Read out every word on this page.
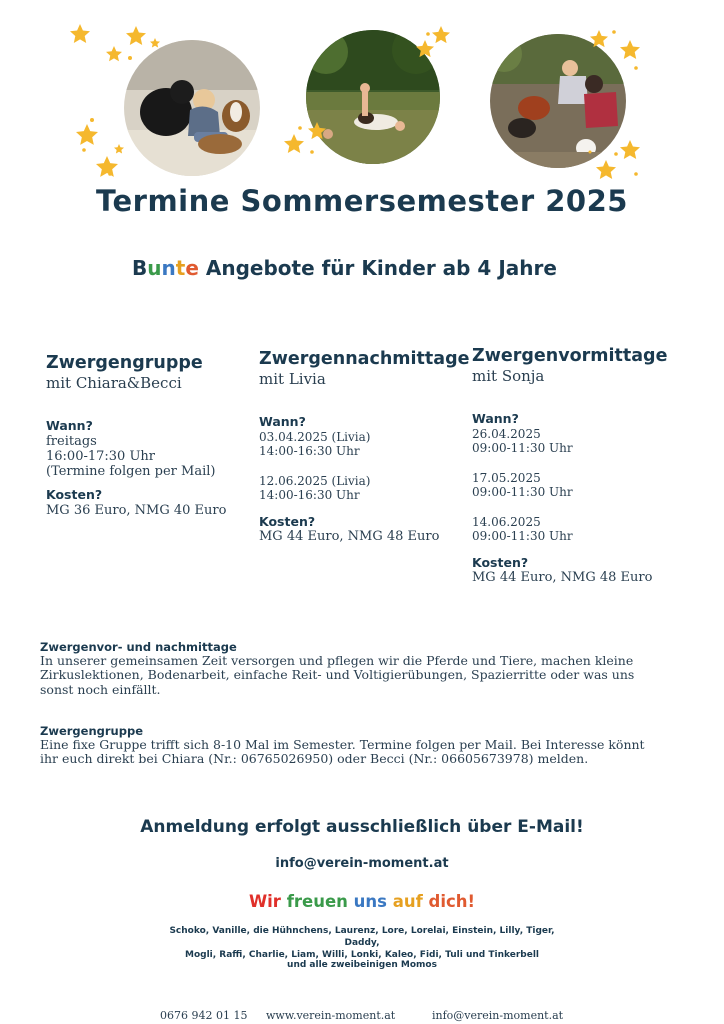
Termine Sommersemester 2025
Bunte Angebote für Kinder ab 4 Jahre
Zwergengruppe
mit Chiara&Becci
Wann?
freitags
16:00-17:30 Uhr
(Termine folgen per Mail)
Kosten?
MG 36 Euro, NMG 40 Euro
Zwergennachmittage
mit Livia
Wann?
03.04.2025 (Livia)
14:00-16:30 Uhr
12.06.2025 (Livia)
14:00-16:30 Uhr
Kosten?
MG 44 Euro, NMG 48 Euro
Zwergenvormittage
mit Sonja
Wann?
26.04.2025
09:00-11:30 Uhr
17.05.2025
09:00-11:30 Uhr
14.06.2025
09:00-11:30 Uhr
Kosten?
MG 44 Euro, NMG 48 Euro
Zwergenvor- und nachmittage

In unserer gemeinsamen Zeit versorgen und pflegen wir die Pferde und Tiere, machen kleine

Zirkuslektionen, Bodenarbeit, einfache Reit- und Voltigierübungen, Spazierritte oder was uns

sonst noch einfällt.

Zwergengruppe

Eine fixe Gruppe trifft sich 8-10 Mal im Semester. Termine folgen per Mail. Bei Interesse könnt

ihr euch direkt bei Chiara (Nr.: 06765026950) oder Becci (Nr.: 06605673978) melden.

Anmeldung erfolgt ausschließlich über E-Mail!
info@verein-moment.at
Wir freuen uns auf dich!
Schoko, Vanille, die Hühnchens, Laurenz, Lore, Lorelai, Einstein, Lilly, Tiger, Daddy,
Mogli, Raffi, Charlie, Liam, Willi, Lonki, Kaleo, Fidi, Tuli und Tinkerbell
und alle zweibeinigen Momos
0676 942 01 15 www.verein-moment.at	info@verein-moment.at
